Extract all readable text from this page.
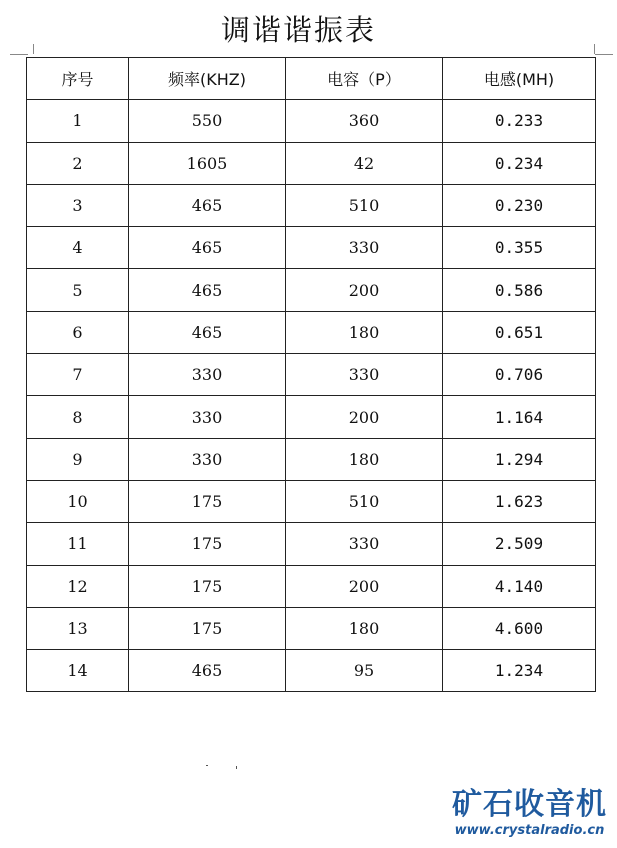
调谐谐振表
序号	频率(KHZ)	电容（P）	电感(MH)
1	550	360	0.233
2	1605	42	0.234
3	465	510	0.230
4	465	330	0.355
5	465	200	0.586
6	465	180	0.651
7	330	330	0.706
8	330	200	1.164
9	330	180	1.294
10	175	510	1.623
11	175	330	2.509
12	175	200	4.140
13	175	180	4.600
14	465	95	1.234
矿石收音机
www.crystalradio.cn
